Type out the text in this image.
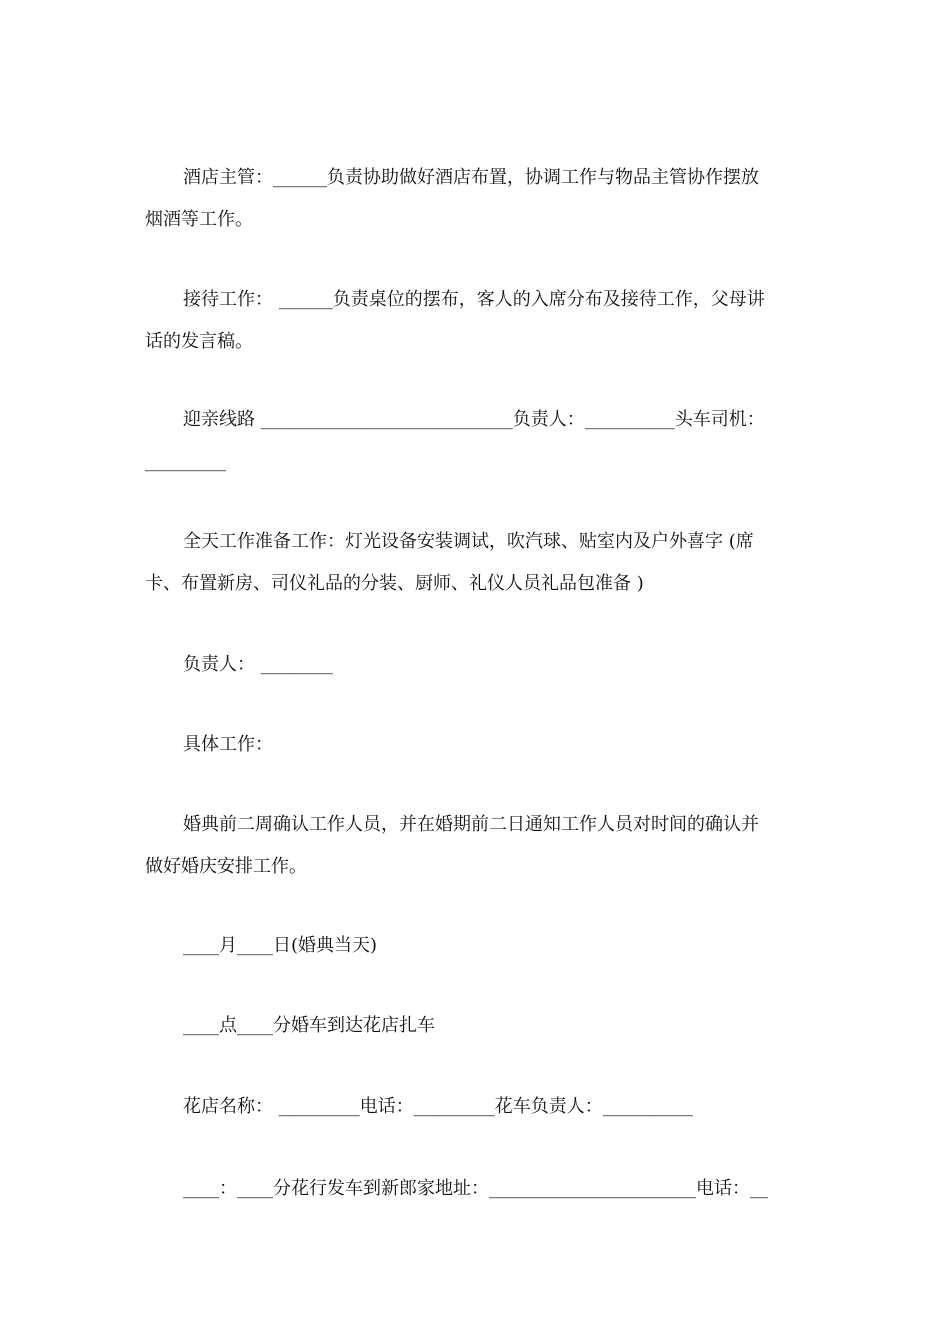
酒店主管：______负责协助做好酒店布置，协调工作与物品主管协作摆放
烟酒等工作。
接待工作： ______负责桌位的摆布，客人的入席分布及接待工作，父母讲
话的发言稿。
迎亲线路 ____________________________负责人：__________头车司机：
_________
全天工作准备工作：灯光设备安装调试，吹汽球、贴室内及户外喜字 (席
卡、布置新房、司仪礼品的分装、厨师、礼仪人员礼品包准备 )
负责人： ________
具体工作：
婚典前二周确认工作人员，并在婚期前二日通知工作人员对时间的确认并
做好婚庆安排工作。
____月____日(婚典当天)
____点____分婚车到达花店扎车
花店名称： _________电话：_________花车负责人：__________
____：____分花行发车到新郎家地址：_______________________电话：__
